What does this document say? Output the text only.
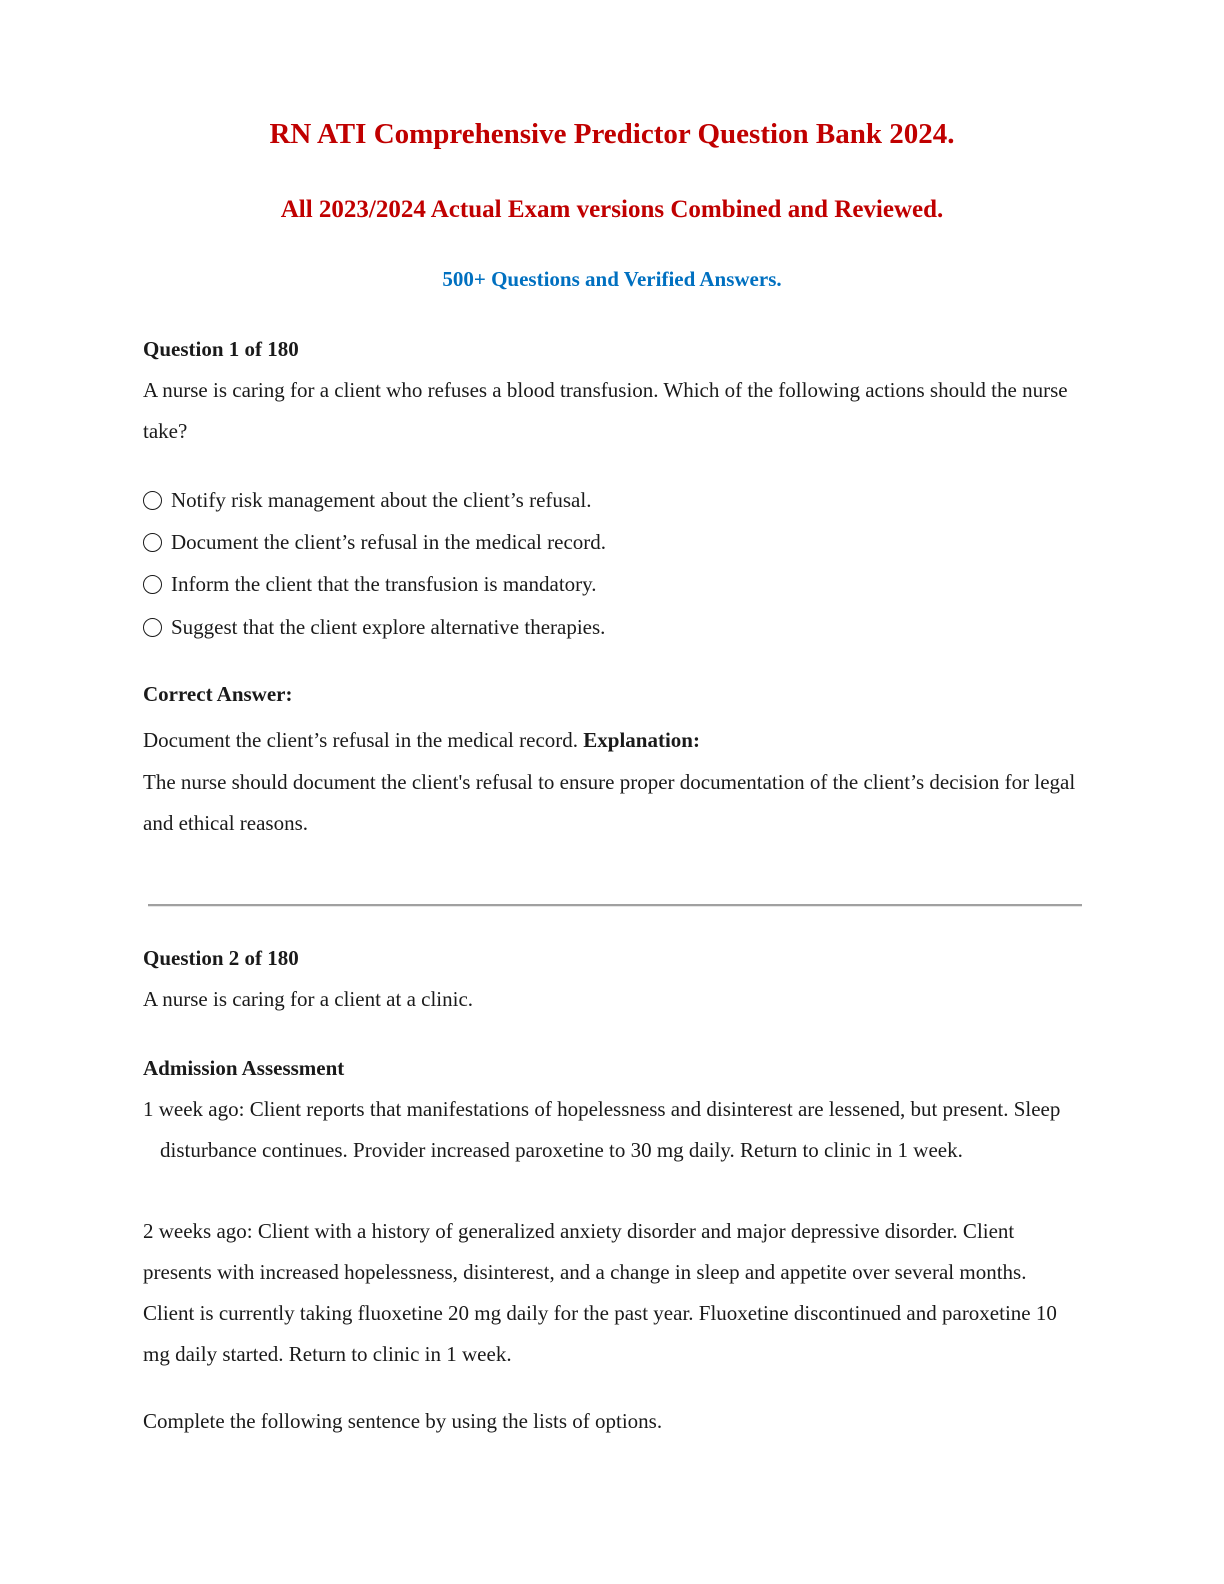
RN ATI Comprehensive Predictor Question Bank 2024.
All 2023/2024 Actual Exam versions Combined and Reviewed.
500+ Questions and Verified Answers.
Question 1 of 180
A nurse is caring for a client who refuses a blood transfusion. Which of the following actions should the nurse take?
Notify risk management about the client’s refusal.
Document the client’s refusal in the medical record.
Inform the client that the transfusion is mandatory.
Suggest that the client explore alternative therapies.
Correct Answer:
Document the client’s refusal in the medical record. Explanation:
The nurse should document the client's refusal to ensure proper documentation of the client’s decision for legal and ethical reasons.
Question 2 of 180
A nurse is caring for a client at a clinic.
Admission Assessment
1 week ago: Client reports that manifestations of hopelessness and disinterest are lessened, but present. Sleep disturbance continues. Provider increased paroxetine to 30 mg daily. Return to clinic in 1 week.
2 weeks ago: Client with a history of generalized anxiety disorder and major depressive disorder. Client presents with increased hopelessness, disinterest, and a change in sleep and appetite over several months. Client is currently taking fluoxetine 20 mg daily for the past year. Fluoxetine discontinued and paroxetine 10 mg daily started. Return to clinic in 1 week.
Complete the following sentence by using the lists of options.
